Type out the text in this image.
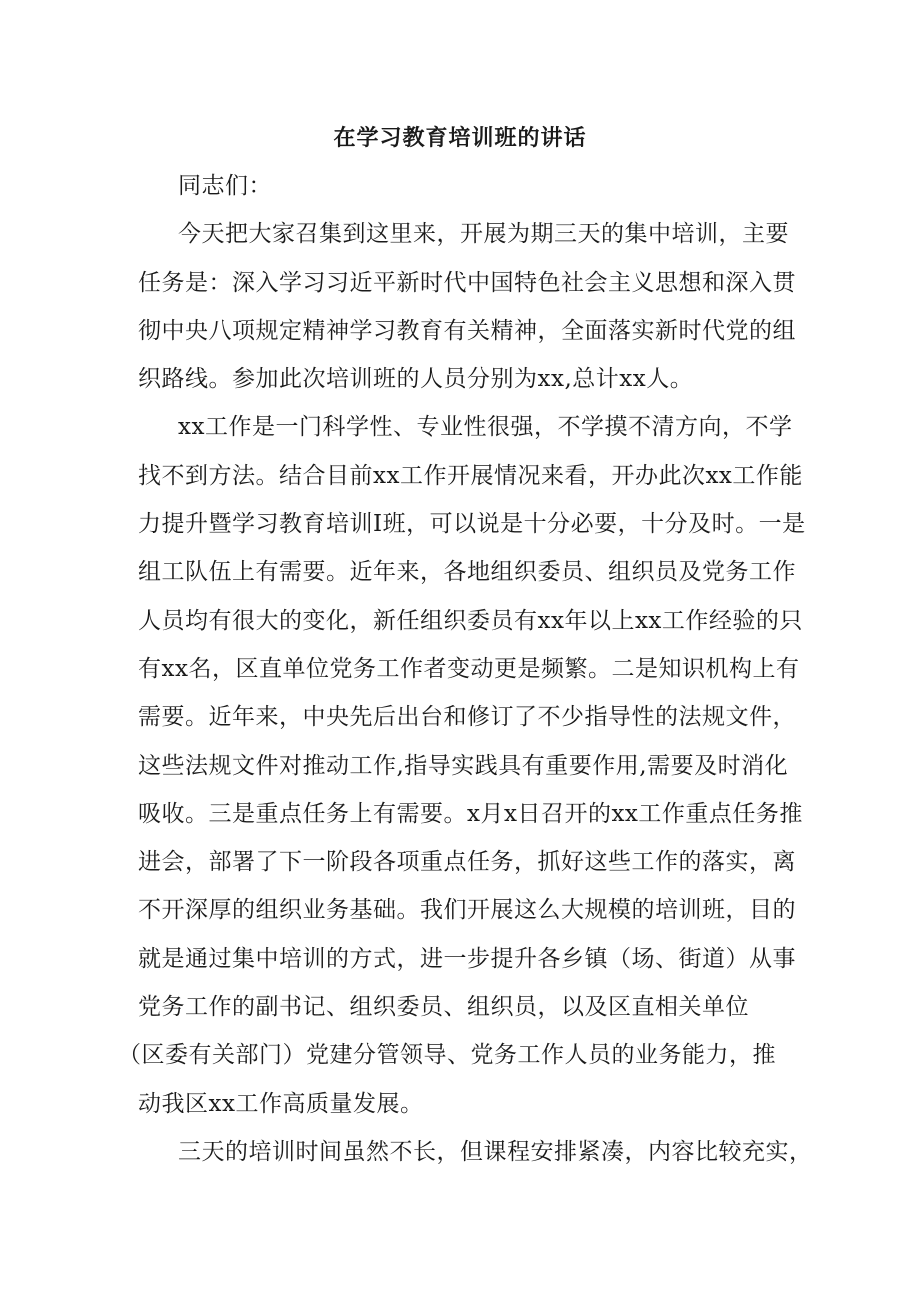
在学习教育培训班的讲话
同志们：
今天把大家召集到这里来，开展为期三天的集中培训，主要
任务是：深入学习习近平新时代中国特色社会主义思想和深入贯
彻中央八项规定精神学习教育有关精神，全面落实新时代党的组
织路线。参加此次培训班的人员分别为xx,总计xx人。
xx工作是一门科学性、专业性很强，不学摸不清方向，不学
找不到方法。结合目前xx工作开展情况来看，开办此次xx工作能
力提升暨学习教育培训I班，可以说是十分必要，十分及时。一是
组工队伍上有需要。近年来，各地组织委员、组织员及党务工作
人员均有很大的变化，新任组织委员有xx年以上xx工作经验的只
有xx名，区直单位党务工作者变动更是频繁。二是知识机构上有
需要。近年来，中央先后出台和修订了不少指导性的法规文件，
这些法规文件对推动工作,指导实践具有重要作用,需要及时消化
吸收。三是重点任务上有需要。x月x日召开的xx工作重点任务推
进会，部署了下一阶段各项重点任务，抓好这些工作的落实，离
不开深厚的组织业务基础。我们开展这么大规模的培训班，目的
就是通过集中培训的方式，进一步提升各乡镇（场、街道）从事
党务工作的副书记、组织委员、组织员，以及区直相关单位
（区委有关部门）党建分管领导、党务工作人员的业务能力，推
动我区xx工作高质量发展。
三天的培训时间虽然不长，但课程安排紧凑，内容比较充实，
